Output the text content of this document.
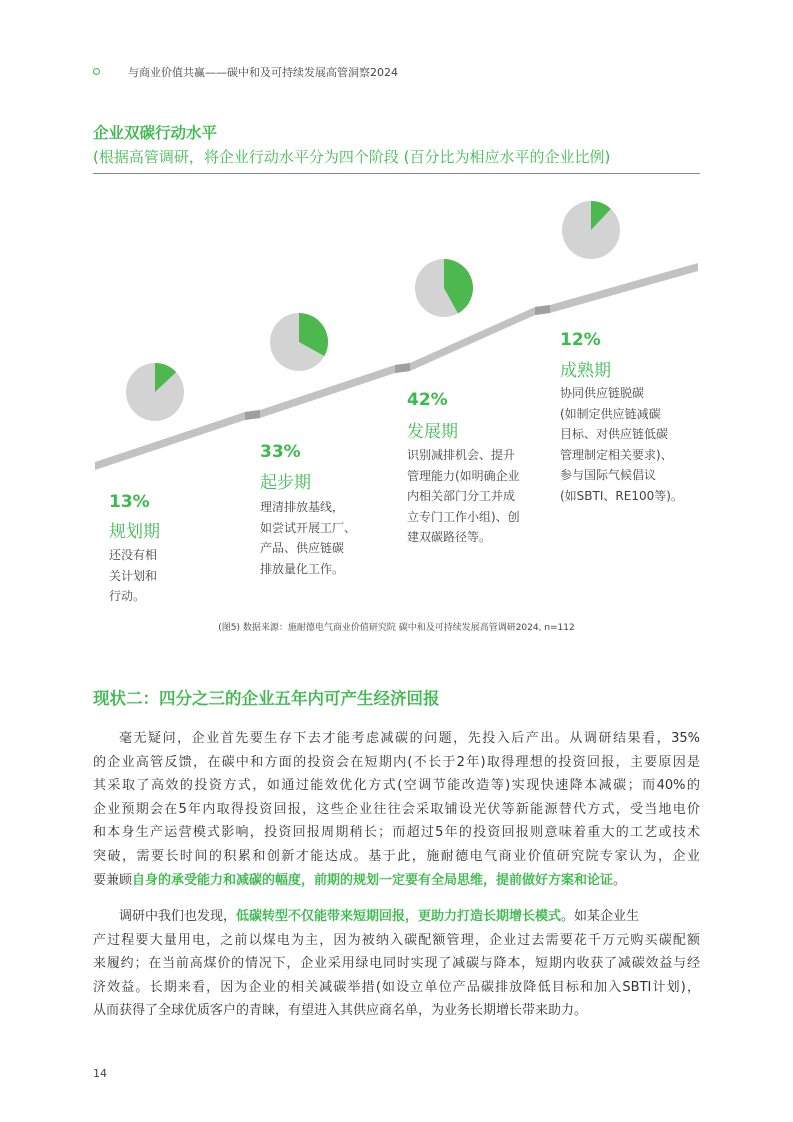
与商业价值共赢——碳中和及可持续发展高管洞察2024
企业双碳行动水平
(根据高管调研，将企业行动水平分为四个阶段 (百分比为相应水平的企业比例)
13%
规划期
还没有相
关计划和
行动。
33%
起步期
理清排放基线，
如尝试开展工厂、
产品、供应链碳
排放量化工作。
42%
发展期
识别减排机会、提升
管理能力(如明确企业
内相关部门分工并成
立专门工作小组)、创
建双碳路径等。
12%
成熟期
协同供应链脱碳
(如制定供应链减碳
目标、对供应链低碳
管理制定相关要求)、
参与国际气候倡议
(如SBTI、RE100等)。
(图5) 数据来源：施耐德电气商业价值研究院 碳中和及可持续发展高管调研2024, n=112
现状二：四分之三的企业五年内可产生经济回报
毫无疑问，企业首先要生存下去才能考虑减碳的问题，先投入后产出。从调研结果看，35%
的企业高管反馈，在碳中和方面的投资会在短期内(不长于2年)取得理想的投资回报，主要原因是
其采取了高效的投资方式，如通过能效优化方式(空调节能改造等)实现快速降本减碳；而40%的
企业预期会在5年内取得投资回报，这些企业往往会采取铺设光伏等新能源替代方式，受当地电价
和本身生产运营模式影响，投资回报周期稍长；而超过5年的投资回报则意味着重大的工艺或技术
突破，需要长时间的积累和创新才能达成。基于此，施耐德电气商业价值研究院专家认为，企业
要兼顾自身的承受能力和减碳的幅度，前期的规划一定要有全局思维，提前做好方案和论证。
调研中我们也发现，低碳转型不仅能带来短期回报，更助力打造长期增长模式。如某企业生
产过程要大量用电，之前以煤电为主，因为被纳入碳配额管理，企业过去需要花千万元购买碳配额
来履约；在当前高煤价的情况下，企业采用绿电同时实现了减碳与降本，短期内收获了减碳效益与经
济效益。长期来看，因为企业的相关减碳举措(如设立单位产品碳排放降低目标和加入SBTI计划)，
从而获得了全球优质客户的青睐，有望进入其供应商名单，为业务长期增长带来助力。
14
